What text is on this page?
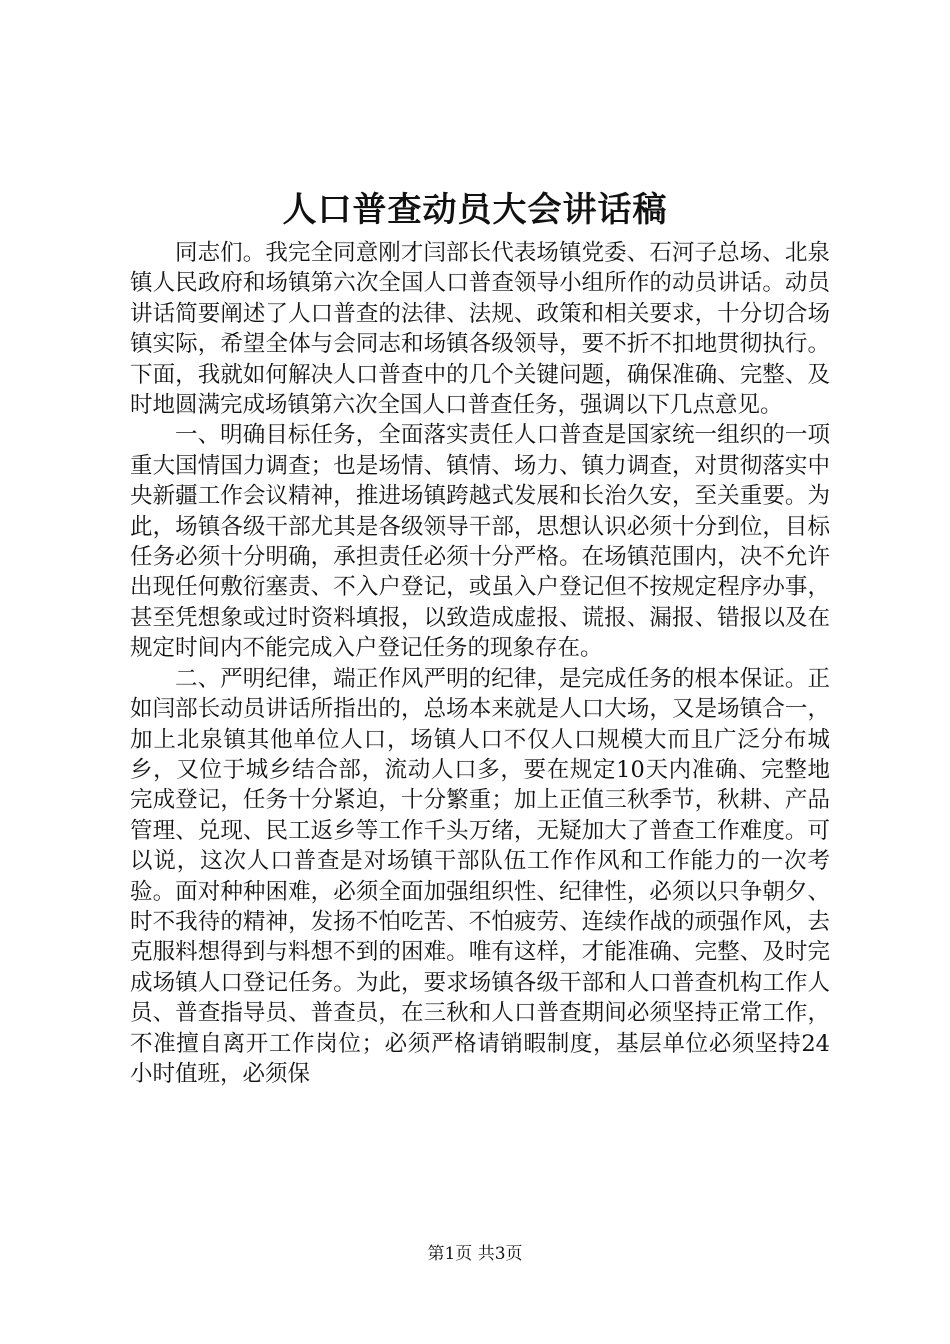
人口普查动员大会讲话稿

同志们。我完全同意刚才闫部长代表场镇党委、石河子总场、北泉镇人民政府和场镇第六次全国人口普查领导小组所作的动员讲话。动员讲话简要阐述了人口普查的法律、法规、政策和相关要求，十分切合场镇实际，希望全体与会同志和场镇各级领导，要不折不扣地贯彻执行。下面，我就如何解决人口普查中的几个关键问题，确保准确、完整、及时地圆满完成场镇第六次全国人口普查任务，强调以下几点意见。

一、明确目标任务，全面落实责任人口普查是国家统一组织的一项重大国情国力调查；也是场情、镇情、场力、镇力调查，对贯彻落实中央新疆工作会议精神，推进场镇跨越式发展和长治久安，至关重要。为此，场镇各级干部尤其是各级领导干部，思想认识必须十分到位，目标任务必须十分明确，承担责任必须十分严格。在场镇范围内，决不允许出现任何敷衍塞责、不入户登记，或虽入户登记但不按规定程序办事，甚至凭想象或过时资料填报，以致造成虚报、谎报、漏报、错报以及在规定时间内不能完成入户登记任务的现象存在。

二、严明纪律，端正作风严明的纪律，是完成任务的根本保证。正如闫部长动员讲话所指出的，总场本来就是人口大场，又是场镇合一，加上北泉镇其他单位人口，场镇人口不仅人口规模大而且广泛分布城乡，又位于城乡结合部，流动人口多，要在规定10天内准确、完整地完成登记，任务十分紧迫，十分繁重；加上正值三秋季节，秋耕、产品管理、兑现、民工返乡等工作千头万绪，无疑加大了普查工作难度。可以说，这次人口普查是对场镇干部队伍工作作风和工作能力的一次考验。面对种种困难，必须全面加强组织性、纪律性，必须以只争朝夕、时不我待的精神，发扬不怕吃苦、不怕疲劳、连续作战的顽强作风，去克服料想得到与料想不到的困难。唯有这样，才能准确、完整、及时完成场镇人口登记任务。为此，要求场镇各级干部和人口普查机构工作人员、普查指导员、普查员，在三秋和人口普查期间必须坚持正常工作，不准擅自离开工作岗位；必须严格请销暇制度，基层单位必须坚持24小时值班，必须保

第1页 共3页
